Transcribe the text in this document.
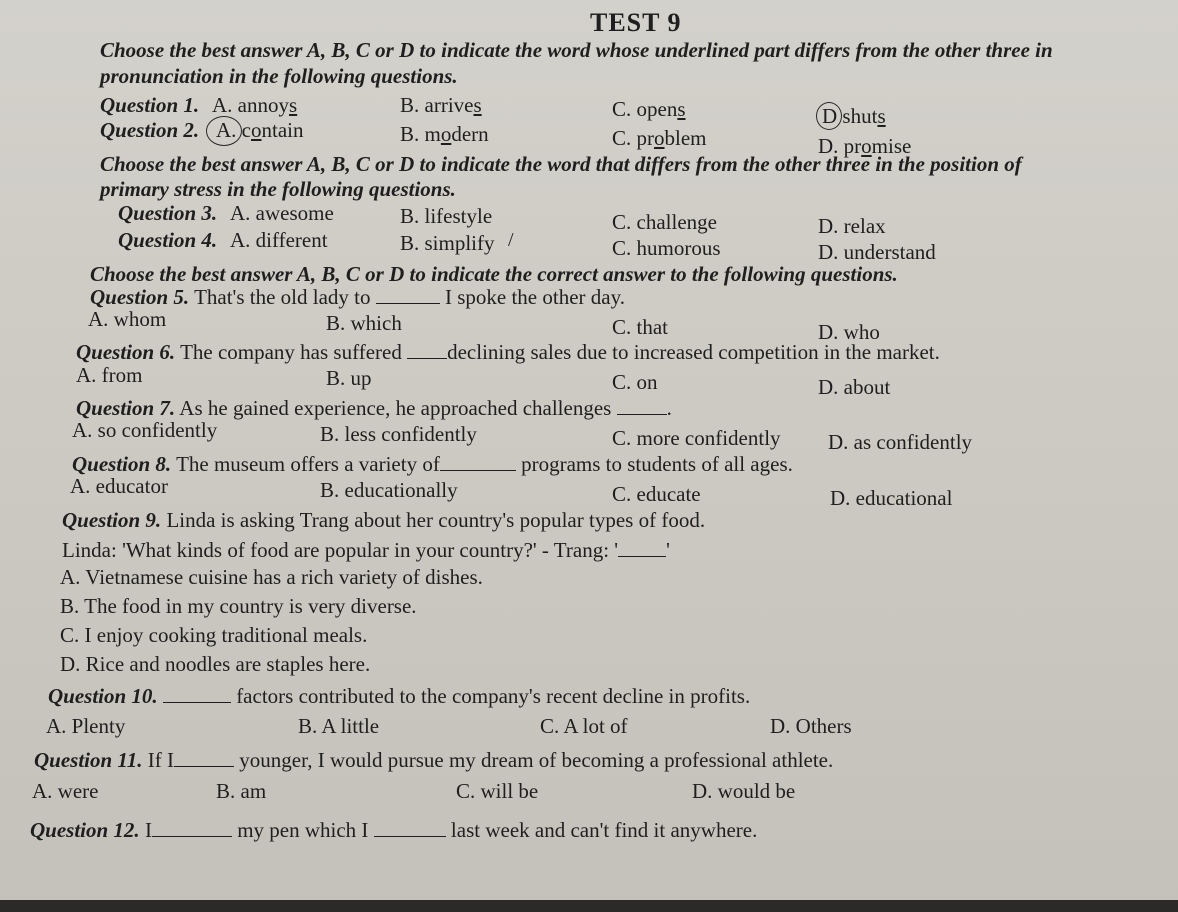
TEST 9
Choose the best answer A, B, C or D to indicate the word whose underlined part differs from the other three in
pronunciation in the following questions.
Question 1. A. annoys	B. arrives	C. opens	D shuts
Question 2. A. contain	B. modern	C. problem	D. promise
Choose the best answer A, B, C or D to indicate the word that differs from the other three in the position of
primary stress in the following questions.
Question 3. A. awesome	B. lifestyle	C. challenge	D. relax
Question 4. A. different	B. simplify /	C. humorous	D. understand
Choose the best answer A, B, C or D to indicate the correct answer to the following questions.
Question 5. That's the old lady to	I spoke the other day.
A. whom	B. which	C. that	D. who
Question 6. The company has suffered declining sales due to increased competition in the market.
A. from	B. up	C. on	D. about
Question 7. As he gained experience, he approached challenges	.
A. so confidently	B. less confidently	C. more confidently D. as confidently
Question 8. The museum offers a variety of	programs to students of all ages.
A. educator	B. educationally	C. educate	D. educational
Question 9. Linda is asking Trang about her country's popular types of food.
Linda: 'What kinds of food are popular in your country?' - Trang: ' '
A. Vietnamese cuisine has a rich variety of dishes.
B. The food in my country is very diverse.
C. I enjoy cooking traditional meals.
D. Rice and noodles are staples here.
Question 10.	factors contributed to the company's recent decline in profits.
A. Plenty	B. A little	C. A lot of	D. Others
Question 11. If I	younger, I would pursue my dream of becoming a professional athlete.
A. were	B. am	C. will be	D. would be
Question 12. I	my pen which I	last week and can't find it anywhere.
